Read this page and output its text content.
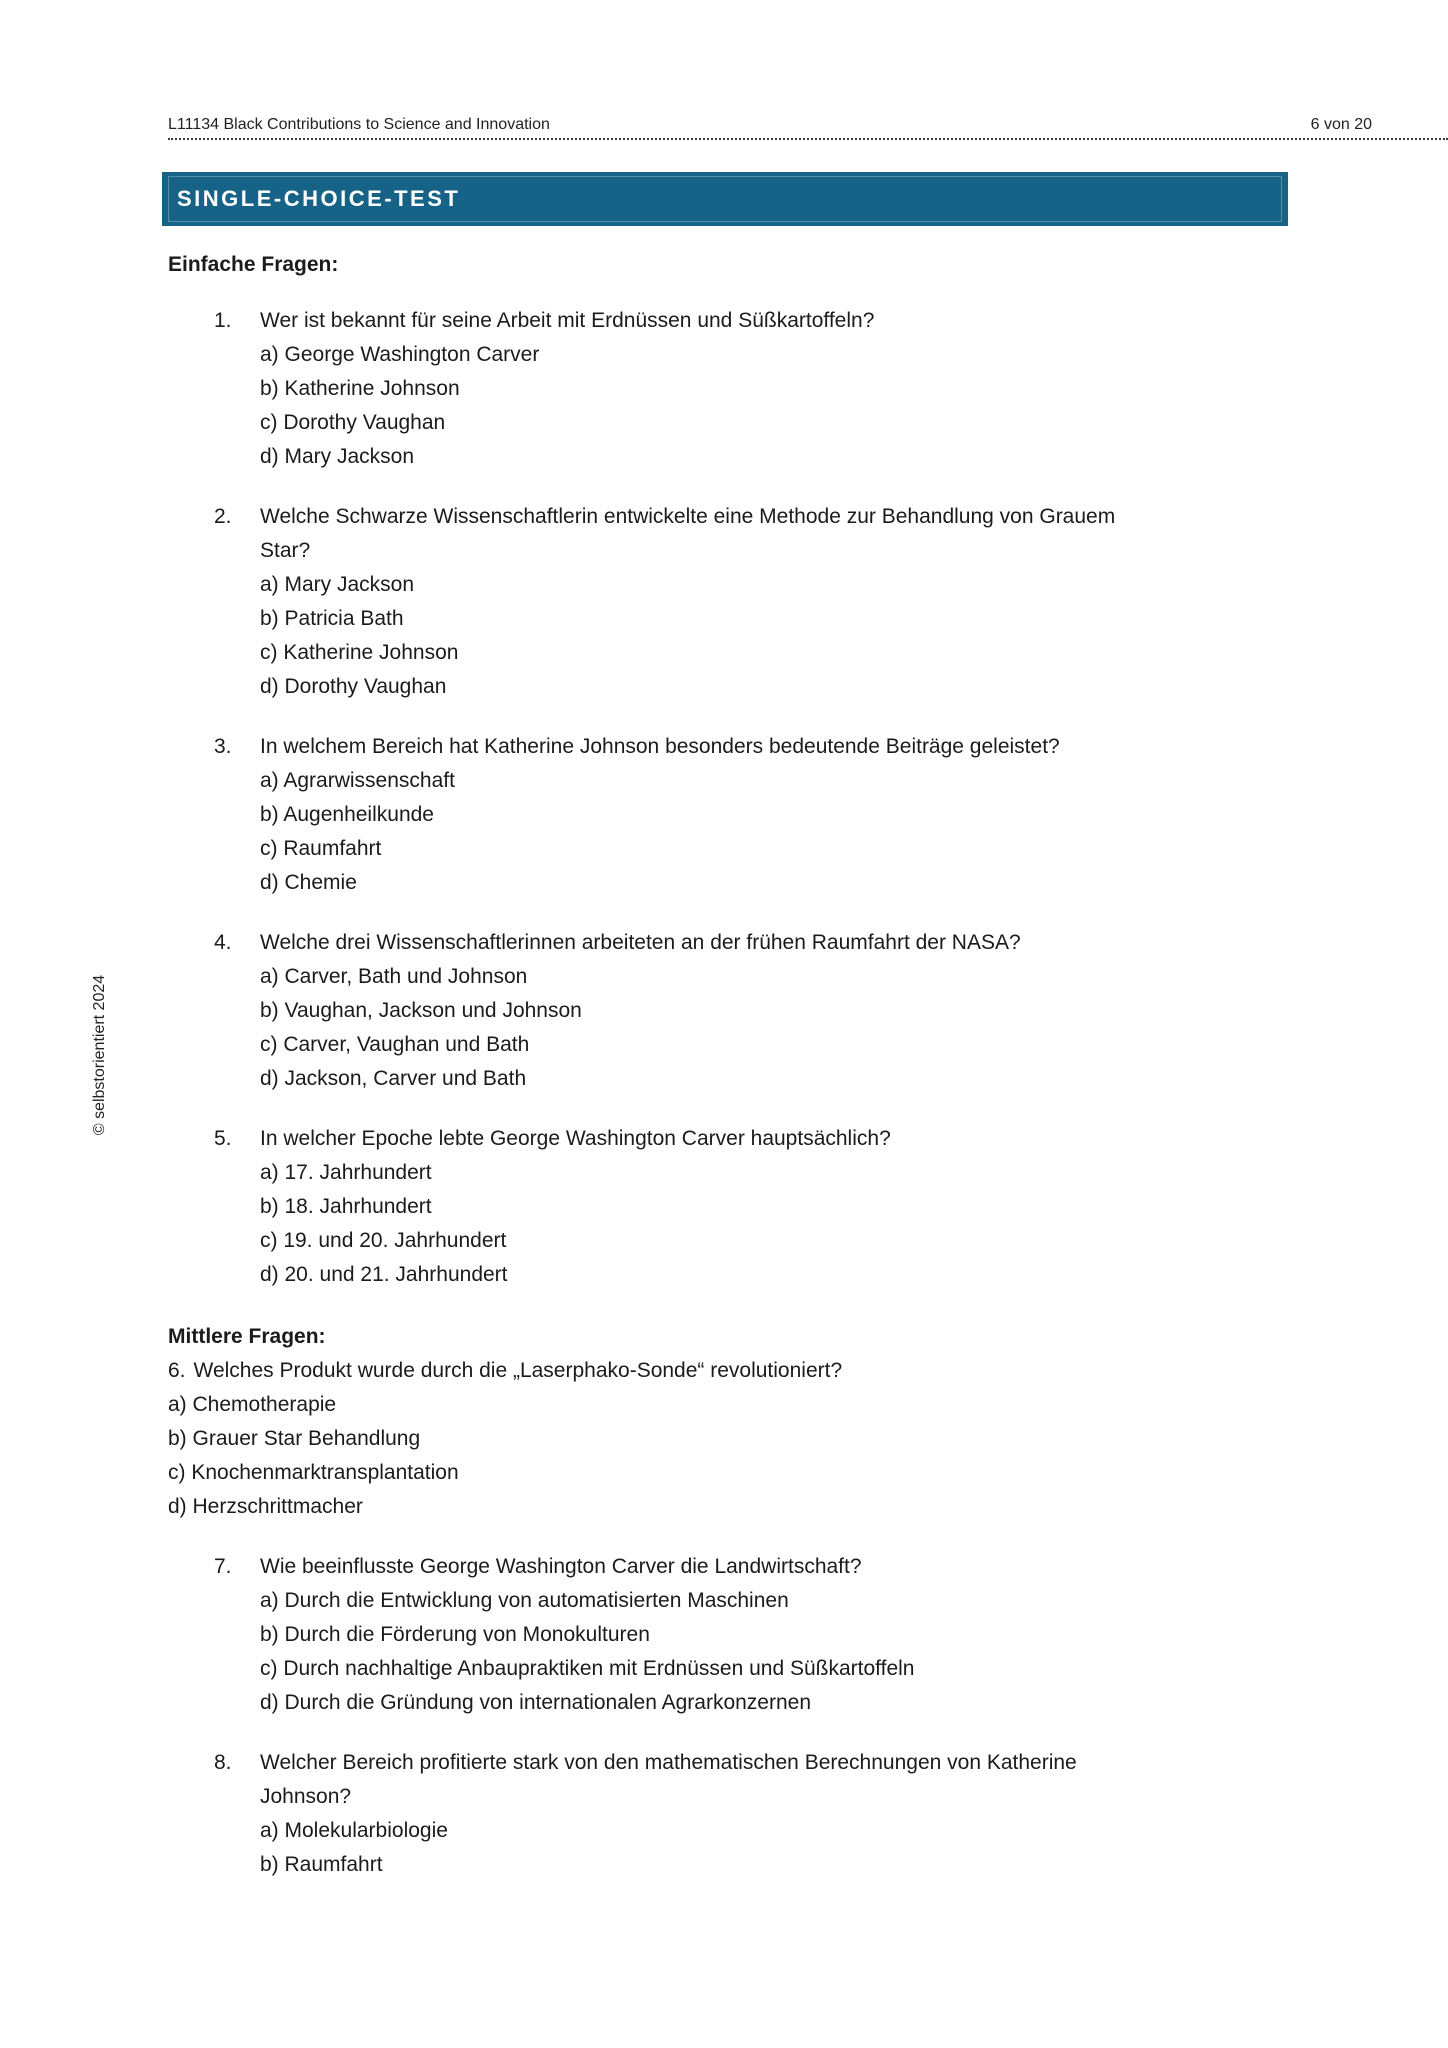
L11134 Black Contributions to Science and Innovation	6 von 20
SINGLE-CHOICE-TEST
© selbstorientiert 2024
Einfache Fragen:
1.	Wer ist bekannt für seine Arbeit mit Erdnüssen und Süßkartoffeln?
a) George Washington Carver
b) Katherine Johnson
c) Dorothy Vaughan
d) Mary Jackson
2.	Welche Schwarze Wissenschaftlerin entwickelte eine Methode zur Behandlung von Grauem
Star?
a) Mary Jackson
b) Patricia Bath
c) Katherine Johnson
d) Dorothy Vaughan
3.	In welchem Bereich hat Katherine Johnson besonders bedeutende Beiträge geleistet?
a) Agrarwissenschaft
b) Augenheilkunde
c) Raumfahrt
d) Chemie
4.	Welche drei Wissenschaftlerinnen arbeiteten an der frühen Raumfahrt der NASA?
a) Carver, Bath und Johnson
b) Vaughan, Jackson und Johnson
c) Carver, Vaughan und Bath
d) Jackson, Carver und Bath
5.	In welcher Epoche lebte George Washington Carver hauptsächlich?
a) 17. Jahrhundert
b) 18. Jahrhundert
c) 19. und 20. Jahrhundert
d) 20. und 21. Jahrhundert
Mittlere Fragen:
6. Welches Produkt wurde durch die „Laserphako-Sonde“ revolutioniert?
a) Chemotherapie
b) Grauer Star Behandlung
c) Knochenmarktransplantation
d) Herzschrittmacher
7.	Wie beeinflusste George Washington Carver die Landwirtschaft?
a) Durch die Entwicklung von automatisierten Maschinen
b) Durch die Förderung von Monokulturen
c) Durch nachhaltige Anbaupraktiken mit Erdnüssen und Süßkartoffeln
d) Durch die Gründung von internationalen Agrarkonzernen
8.	Welcher Bereich profitierte stark von den mathematischen Berechnungen von Katherine
Johnson?
a) Molekularbiologie
b) Raumfahrt
